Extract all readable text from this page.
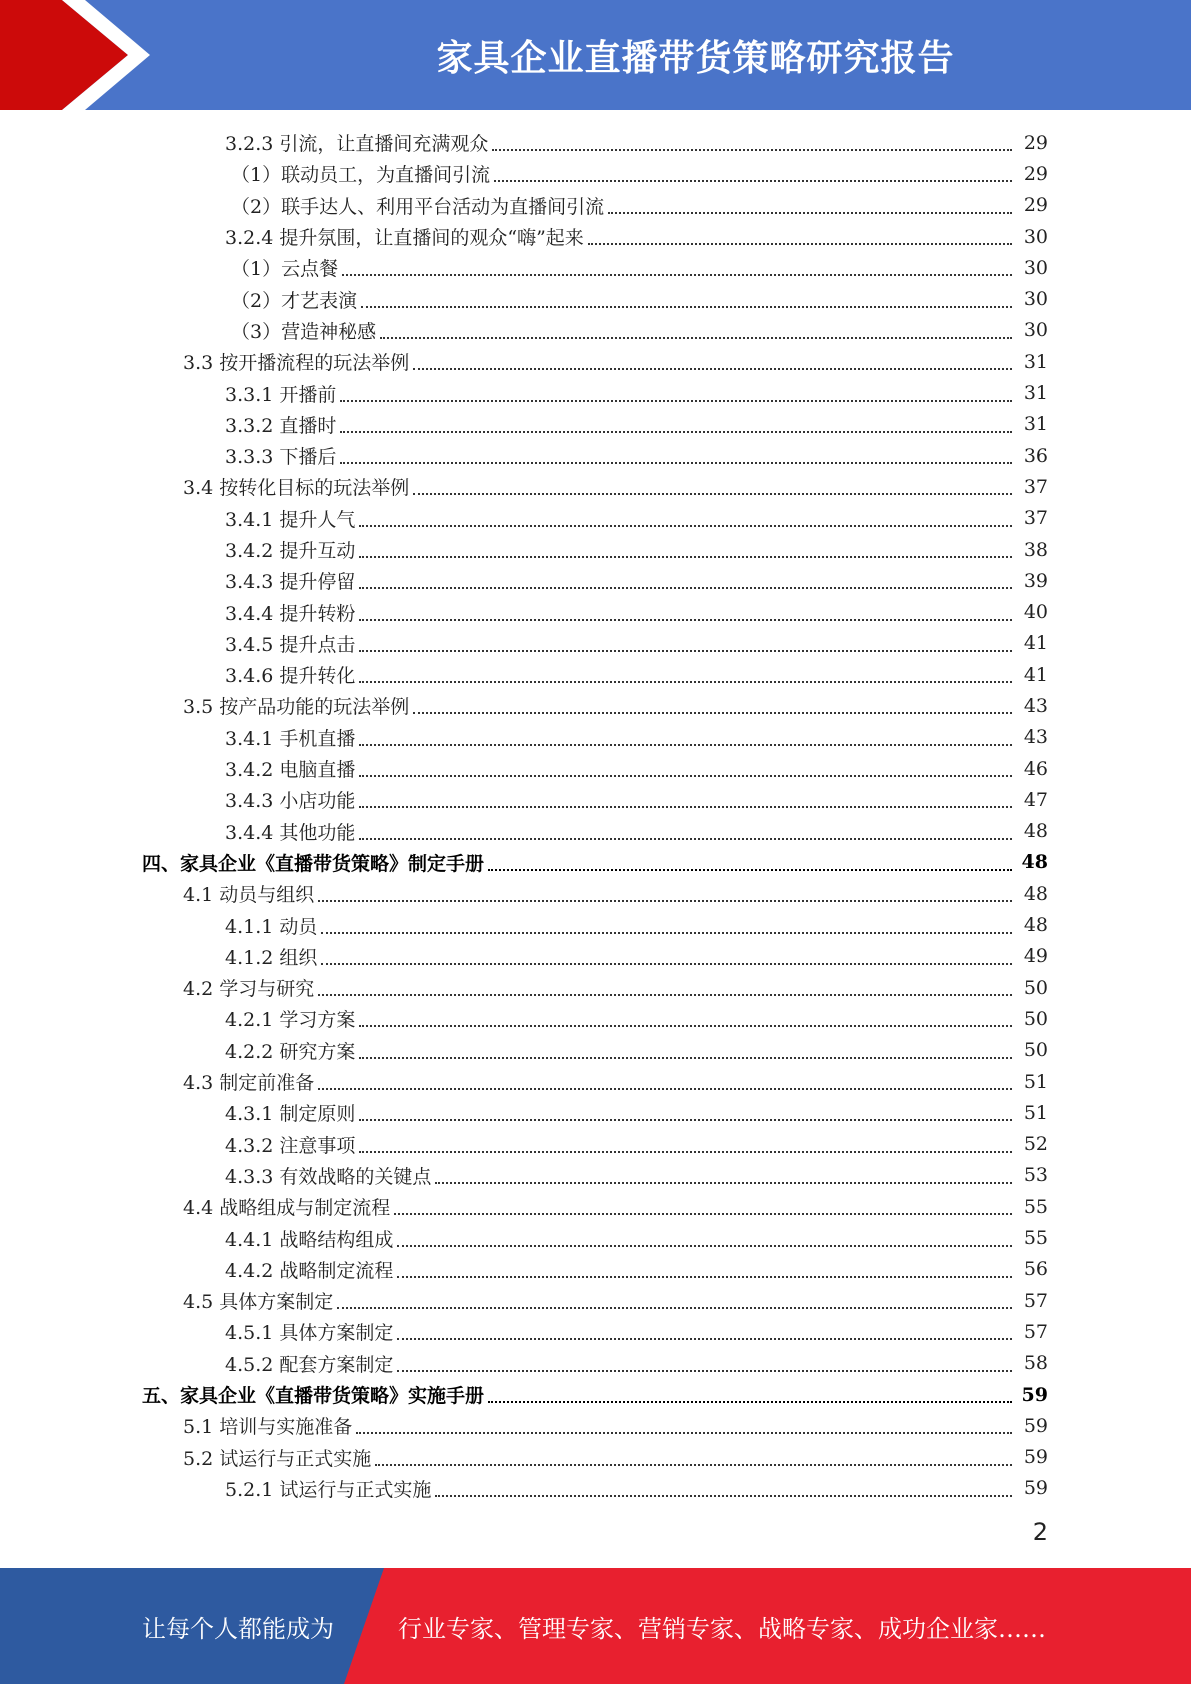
家具企业直播带货策略研究报告
3.2.3 引流，让直播间充满观众	29
（1）联动员工，为直播间引流	29
（2）联手达人、利用平台活动为直播间引流	29
3.2.4 提升氛围，让直播间的观众“嗨”起来	30
（1）云点餐	30
（2）才艺表演	30
（3）营造神秘感	30
3.3 按开播流程的玩法举例	31
3.3.1 开播前	31
3.3.2 直播时	31
3.3.3 下播后	36
3.4 按转化目标的玩法举例	37
3.4.1 提升人气	37
3.4.2 提升互动	38
3.4.3 提升停留	39
3.4.4 提升转粉	40
3.4.5 提升点击	41
3.4.6 提升转化	41
3.5 按产品功能的玩法举例	43
3.4.1 手机直播	43
3.4.2 电脑直播	46
3.4.3 小店功能	47
3.4.4 其他功能	48
四、家具企业《直播带货策略》制定手册	48
4.1 动员与组织	48
4.1.1 动员	48
4.1.2 组织	49
4.2 学习与研究	50
4.2.1 学习方案	50
4.2.2 研究方案	50
4.3 制定前准备	51
4.3.1 制定原则	51
4.3.2 注意事项	52
4.3.3 有效战略的关键点	53
4.4 战略组成与制定流程	55
4.4.1 战略结构组成	55
4.4.2 战略制定流程	56
4.5 具体方案制定	57
4.5.1 具体方案制定	57
4.5.2 配套方案制定	58
五、家具企业《直播带货策略》实施手册	59
5.1 培训与实施准备	59
5.2 试运行与正式实施	59
5.2.1 试运行与正式实施	59
2
让每个人都能成为	行业专家、管理专家、营销专家、战略专家、成功企业家……
